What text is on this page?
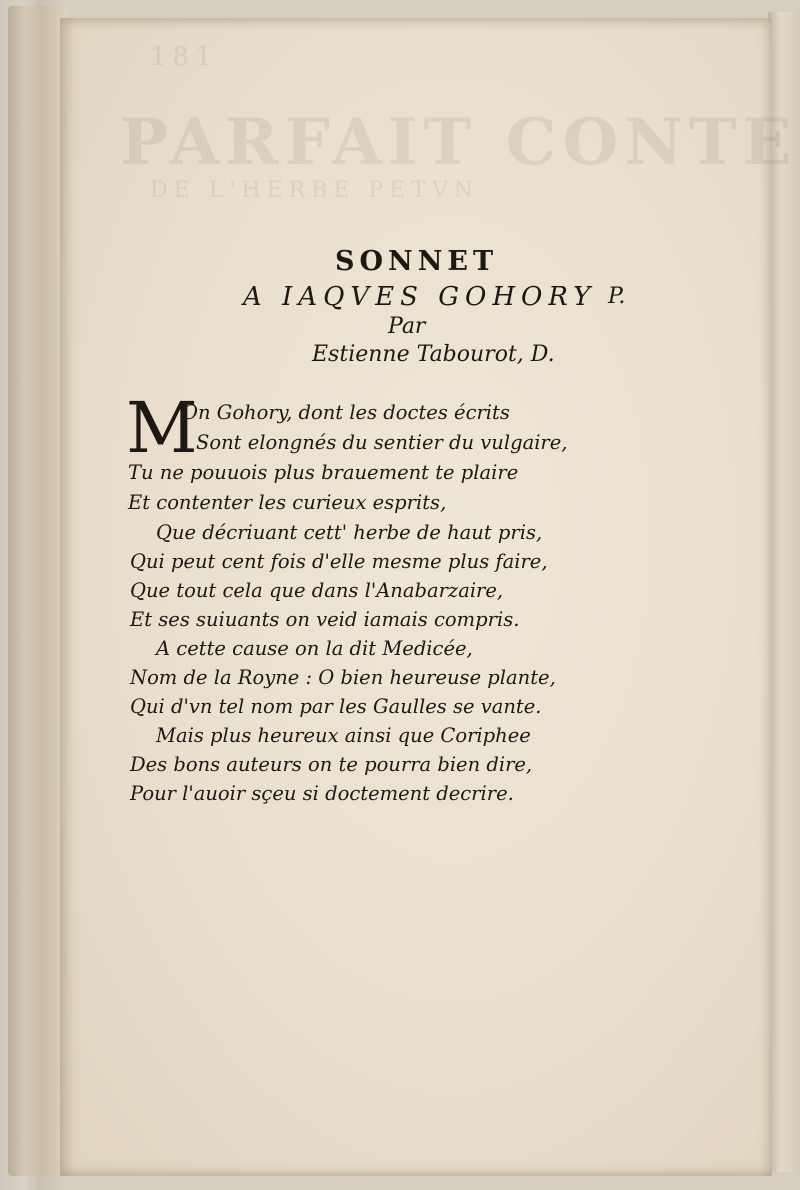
181
PARFAIT CONTE
DE L'HERBE PETVN
SONNET
A IAQVES GOHORY P.
Par
Estienne Tabourot, D.
M
On Gohory, dont les doctes écrits
Sont elongnés du sentier du vulgaire,
Tu ne pouuois plus brauement te plaire
Et contenter les curieux esprits,
Que décriuant cett' herbe de haut pris,
Qui peut cent fois d'elle mesme plus faire,
Que tout cela que dans l'Anabarzaire,
Et ses suiuants on veid iamais compris.
A cette cause on la dit Medicée,
Nom de la Royne : O bien heureuse plante,
Qui d'vn tel nom par les Gaulles se vante.
Mais plus heureux ainsi que Coriphee
Des bons auteurs on te pourra bien dire,
Pour l'auoir sçeu si doctement decrire.
